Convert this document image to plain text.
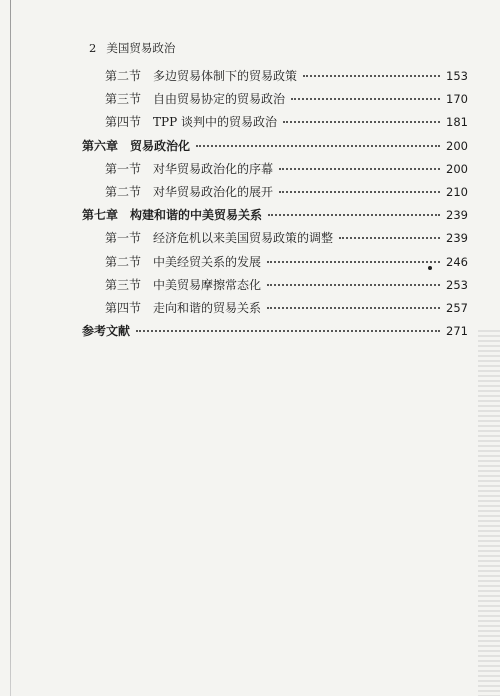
2 美国贸易政治
第二节 多边贸易体制下的贸易政策	153
第三节 自由贸易协定的贸易政治	170
第四节 TPP 谈判中的贸易政治	181
第六章 贸易政治化	200
第一节 对华贸易政治化的序幕	200
第二节 对华贸易政治化的展开	210
第七章 构建和谐的中美贸易关系	239
第一节 经济危机以来美国贸易政策的调整	239
第二节 中美经贸关系的发展	246
第三节 中美贸易摩擦常态化	253
第四节 走向和谐的贸易关系	257
参考文献	271
